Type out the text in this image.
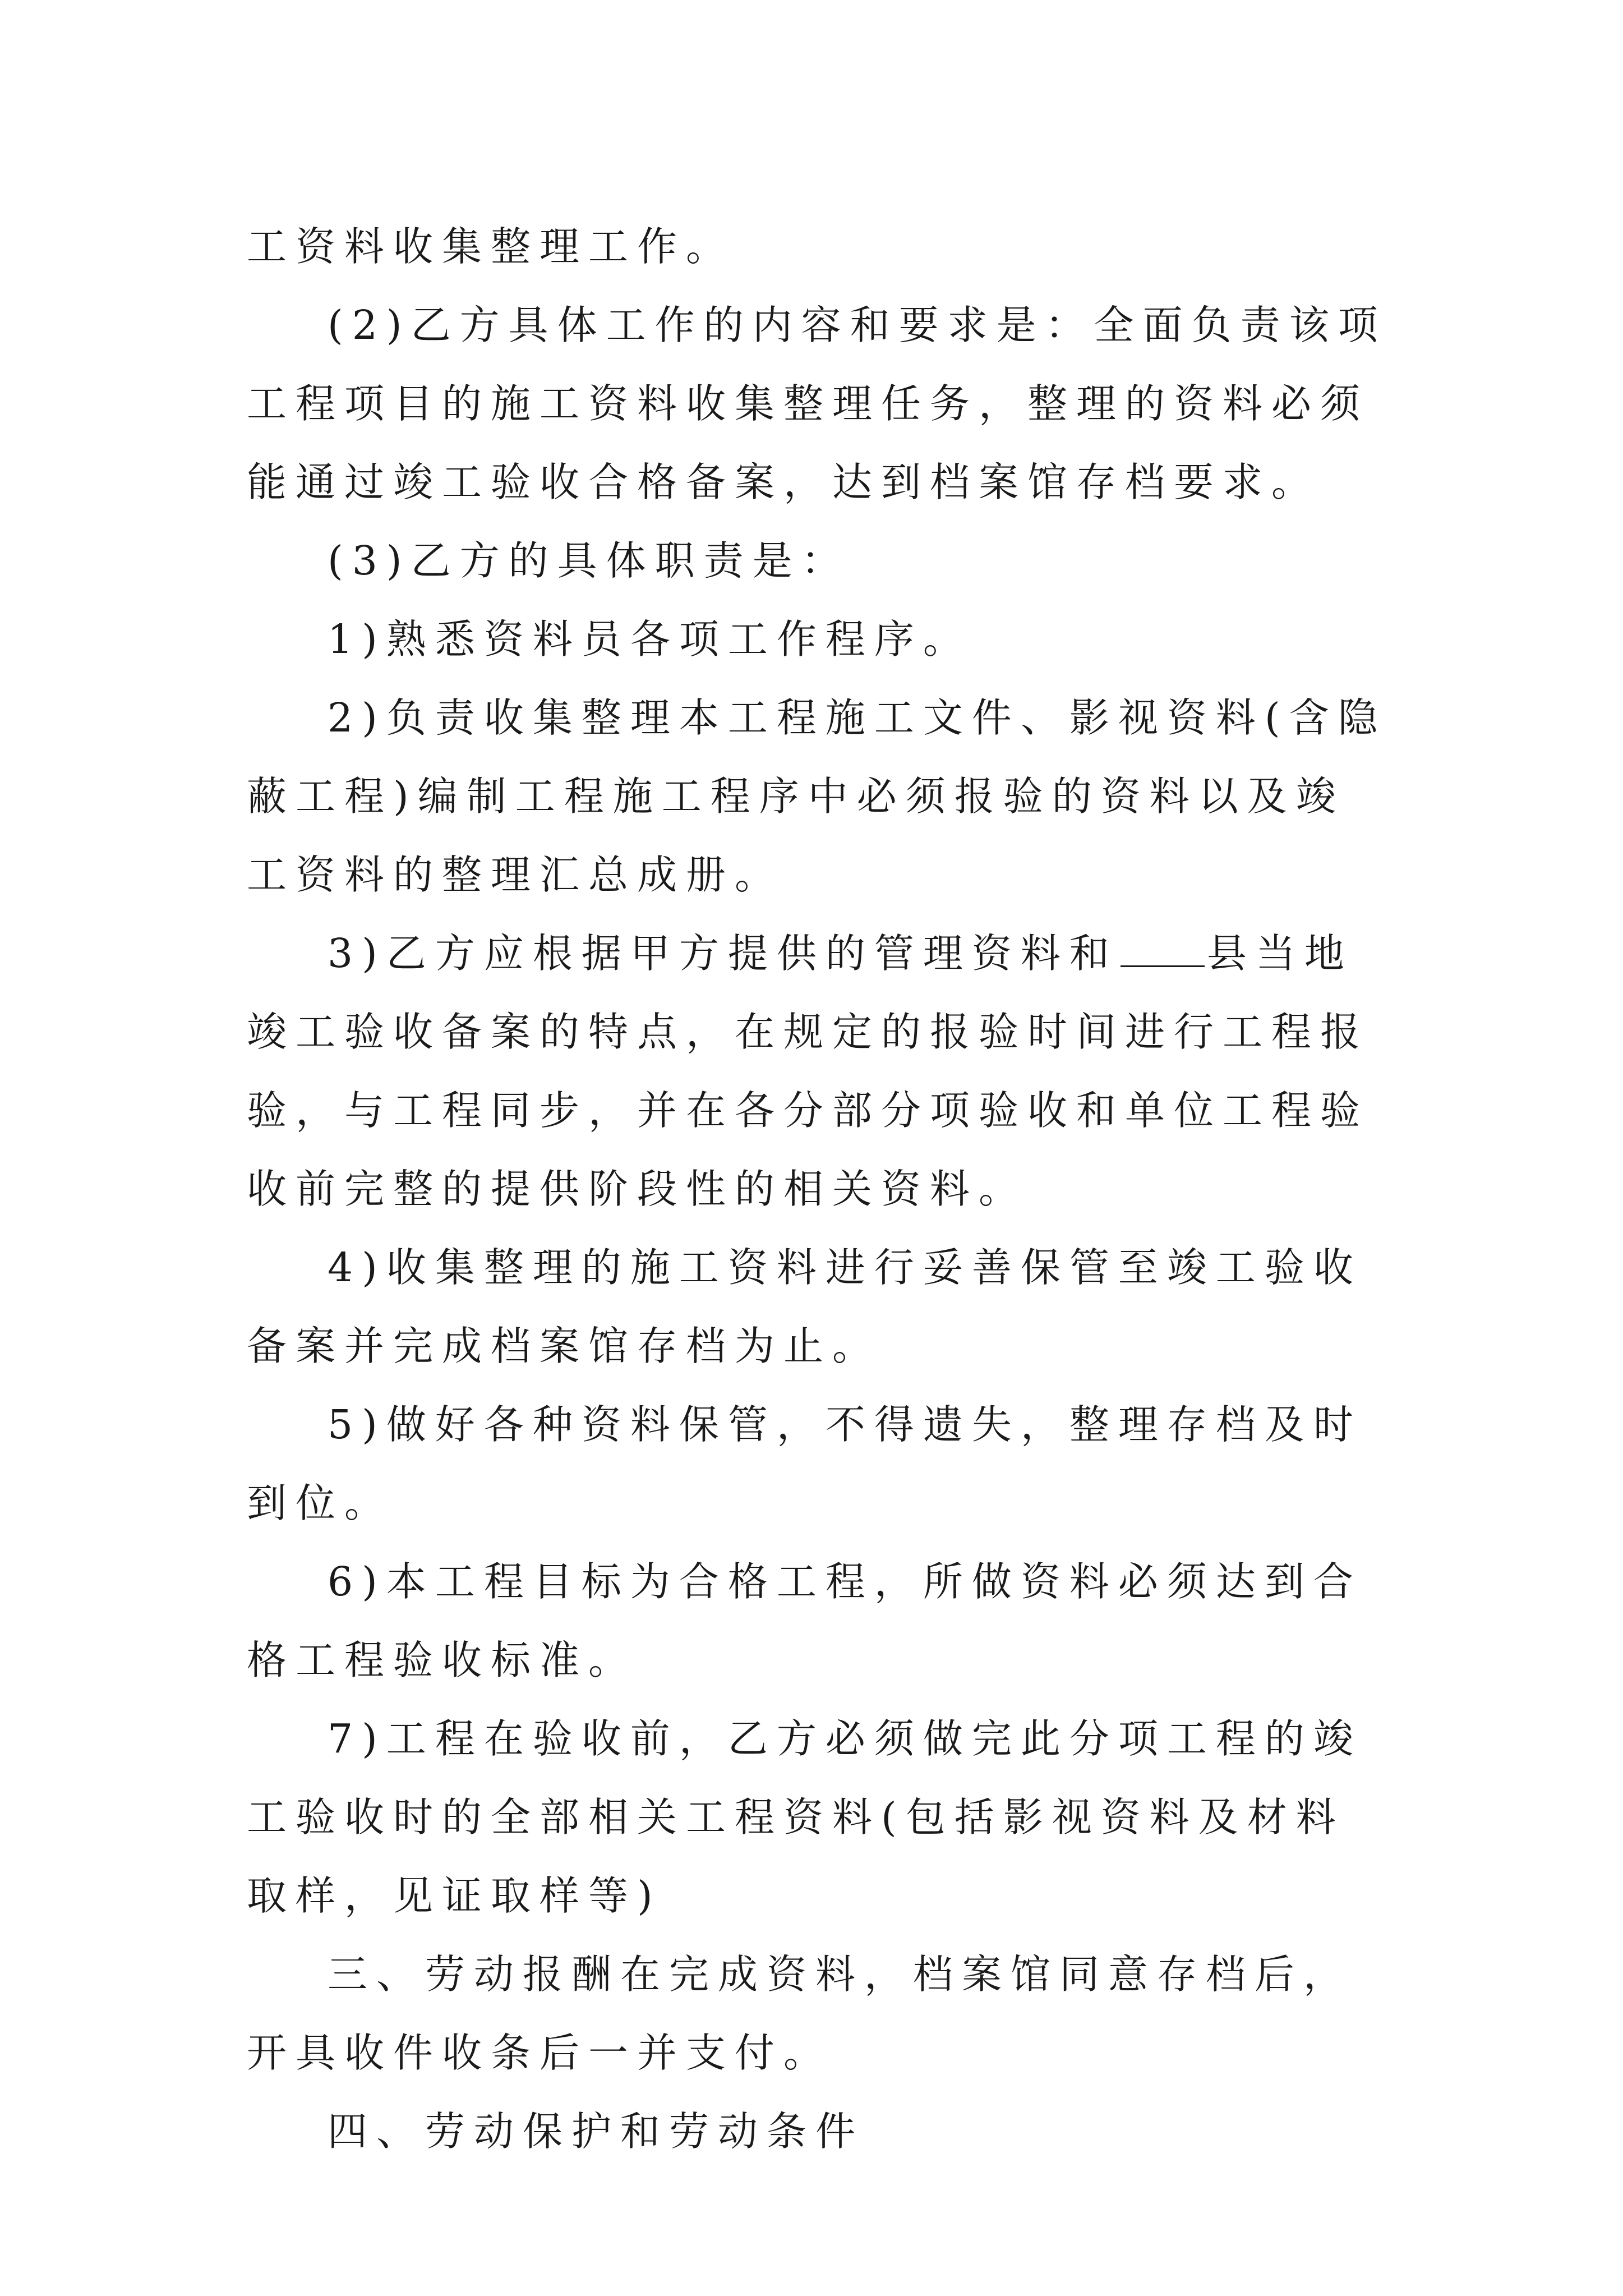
工资料收集整理工作。

(2)乙方具体工作的内容和要求是：全面负责该项工程项目的施工资料收集整理任务，整理的资料必须能通过竣工验收合格备案，达到档案馆存档要求。

(3)乙方的具体职责是：

1)熟悉资料员各项工作程序。

2)负责收集整理本工程施工文件、影视资料(含隐蔽工程)编制工程施工程序中必须报验的资料以及竣工资料的整理汇总成册。

3)乙方应根据甲方提供的管理资料和 县当地竣工验收备案的特点，在规定的报验时间进行工程报验，与工程同步，并在各分部分项验收和单位工程验收前完整的提供阶段性的相关资料。

4)收集整理的施工资料进行妥善保管至竣工验收备案并完成档案馆存档为止。

5)做好各种资料保管，不得遗失，整理存档及时到位。

6)本工程目标为合格工程，所做资料必须达到合格工程验收标准。

7)工程在验收前，乙方必须做完此分项工程的竣工验收时的全部相关工程资料(包括影视资料及材料取样，见证取样等)

三、劳动报酬在完成资料，档案馆同意存档后，开具收件收条后一并支付。

四、劳动保护和劳动条件
